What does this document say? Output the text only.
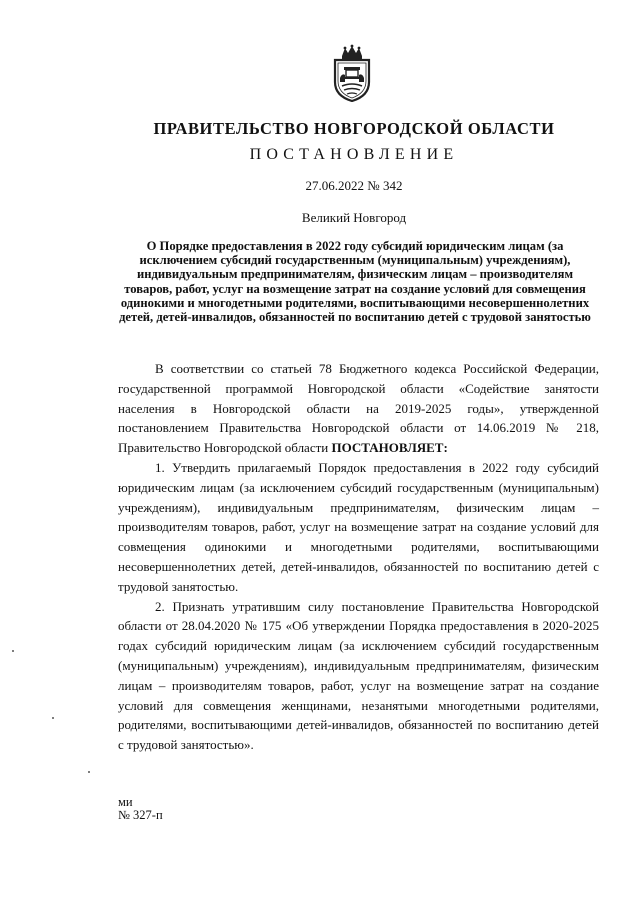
ПРАВИТЕЛЬСТВО НОВГОРОДСКОЙ ОБЛАСТИ
ПОСТАНОВЛЕНИЕ
27.06.2022 № 342
Великий Новгород
О Порядке предоставления в 2022 году субсидий юридическим лицам (за исключением субсидий государственным (муниципальным) учреждениям), индивидуальным предпринимателям, физическим лицам – производителям товаров, работ, услуг на возмещение затрат на создание условий для совмещения одинокими и многодетными родителями, воспитывающими несовершеннолетних детей, детей-инвалидов, обязанностей по воспитанию детей с трудовой занятостью

В соответствии со статьей 78 Бюджетного кодекса Российской Федерации, государственной программой Новгородской области «Содействие занятости населения в Новгородской области на 2019-2025 годы», утвержденной постановлением Правительства Новгородской области от 14.06.2019 № 218, Правительство Новгородской области ПОСТАНОВЛЯЕТ:

1. Утвердить прилагаемый Порядок предоставления в 2022 году субсидий юридическим лицам (за исключением субсидий государственным (муниципальным) учреждениям), индивидуальным предпринимателям, физическим лицам – производителям товаров, работ, услуг на возмещение затрат на создание условий для совмещения одинокими и многодетными родителями, воспитывающими несовершеннолетних детей, детей-инвалидов, обязанностей по воспитанию детей с трудовой занятостью.

2. Признать утратившим силу постановление Правительства Новгородской области от 28.04.2020 № 175 «Об утверждении Порядка предоставления в 2020-2025 годах субсидий юридическим лицам (за исключением субсидий государственным (муниципальным) учреждениям), индивидуальным предпринимателям, физическим лицам – производителям товаров, работ, услуг на возмещение затрат на создание условий для совмещения женщинами, незанятыми многодетными родителями, родителями, воспитывающими детей-инвалидов, обязанностей по воспитанию детей с трудовой занятостью».

ми
№ 327-п
